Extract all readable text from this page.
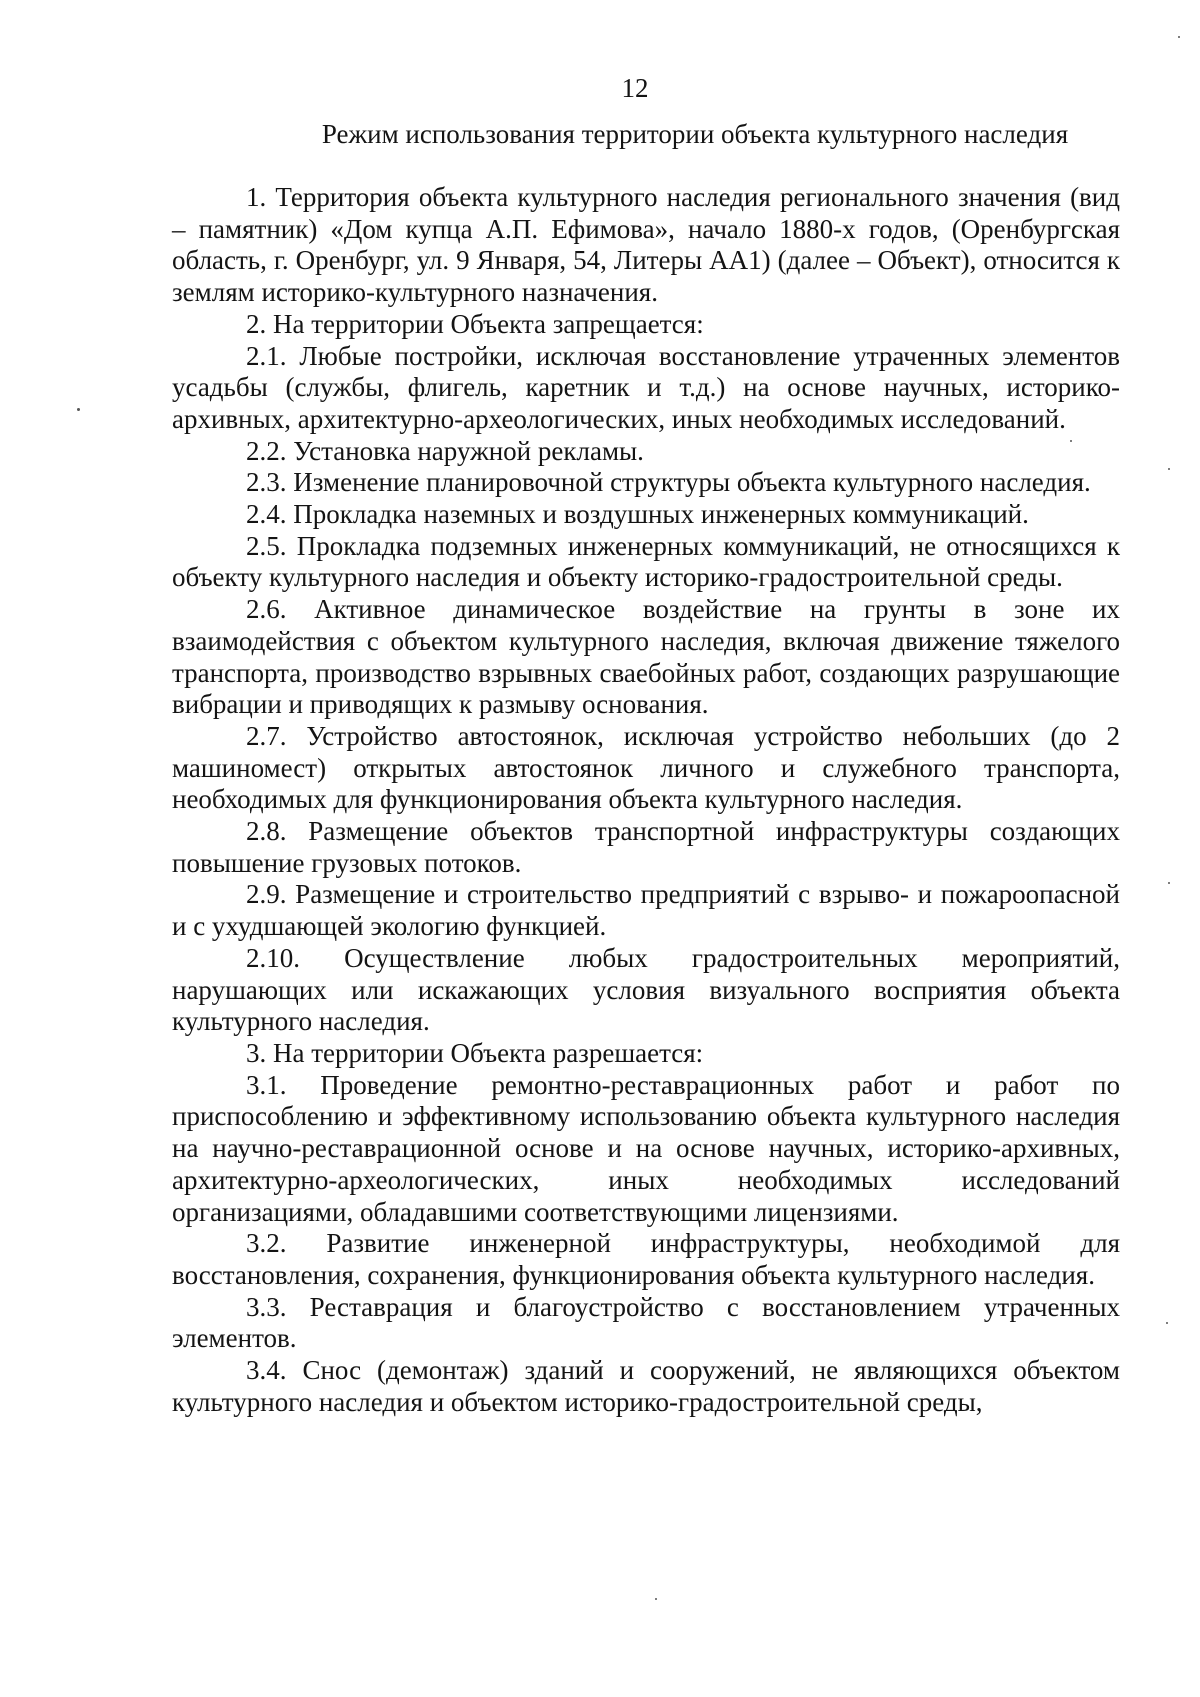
12
Режим использования территории объекта культурного наследия

1. Территория объекта культурного наследия регионального значения (вид – памятник) «Дом купца А.П. Ефимова», начало 1880-х годов, (Оренбургская область, г. Оренбург, ул. 9 Января, 54, Литеры АА1) (далее – Объект), относится к землям историко-культурного назначения.

2. На территории Объекта запрещается:

2.1. Любые постройки, исключая восстановление утраченных элементов усадьбы (службы, флигель, каретник и т.д.) на основе научных, историко-архивных, архитектурно-археологических, иных необходимых исследований.

2.2. Установка наружной рекламы.

2.3. Изменение планировочной структуры объекта культурного наследия.

2.4. Прокладка наземных и воздушных инженерных коммуникаций.

2.5. Прокладка подземных инженерных коммуникаций, не относящихся к объекту культурного наследия и объекту историко-градостроительной среды.

2.6. Активное динамическое воздействие на грунты в зоне их взаимодействия с объектом культурного наследия, включая движение тяжелого транспорта, производство взрывных сваебойных работ, создающих разрушающие вибрации и приводящих к размыву основания.

2.7. Устройство автостоянок, исключая устройство небольших (до 2 машиномест) открытых автостоянок личного и служебного транспорта, необходимых для функционирования объекта культурного наследия.

2.8. Размещение объектов транспортной инфраструктуры создающих повышение грузовых потоков.

2.9. Размещение и строительство предприятий с взрыво- и пожароопасной и с ухудшающей экологию функцией.

2.10. Осуществление любых градостроительных мероприятий, нарушающих или искажающих условия визуального восприятия объекта культурного наследия.

3. На территории Объекта разрешается:

3.1. Проведение ремонтно-реставрационных работ и работ по приспособлению и эффективному использованию объекта культурного наследия на научно-реставрационной основе и на основе научных, историко-архивных, архитектурно-археологических, иных необходимых исследований организациями, обладавшими соответствующими лицензиями.

3.2. Развитие инженерной инфраструктуры, необходимой для восстановления, сохранения, функционирования объекта культурного наследия.

3.3. Реставрация и благоустройство с восстановлением утраченных элементов.

3.4. Снос (демонтаж) зданий и сооружений, не являющихся объектом культурного наследия и объектом историко-градостроительной среды,
